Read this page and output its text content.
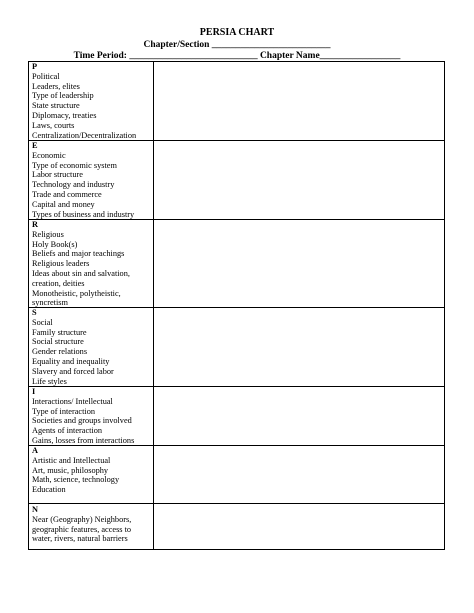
PERSIA CHART
Chapter/Section _________________________
Time Period: ___________________________ Chapter Name_________________
P
Political
Leaders, elites
Type of leadership
State structure
Diplomacy, treaties
Laws, courts
Centralization/Decentralization
E
Economic
Type of economic system
Labor structure
Technology and industry
Trade and commerce
Capital and money
Types of business and industry
R
Religious
Holy Book(s)
Beliefs and major teachings
Religious leaders
Ideas about sin and salvation,
creation, deities
Monotheistic, polytheistic,
syncretism
S
Social
Family structure
Social structure
Gender relations
Equality and inequality
Slavery and forced labor
Life styles
I
Interactions/ Intellectual
Type of interaction
Societies and groups involved
Agents of interaction
Gains, losses from interactions
A
Artistic and Intellectual
Art, music, philosophy
Math, science, technology
Education
N
Near (Geography) Neighbors,
geographic features, access to
water, rivers, natural barriers
